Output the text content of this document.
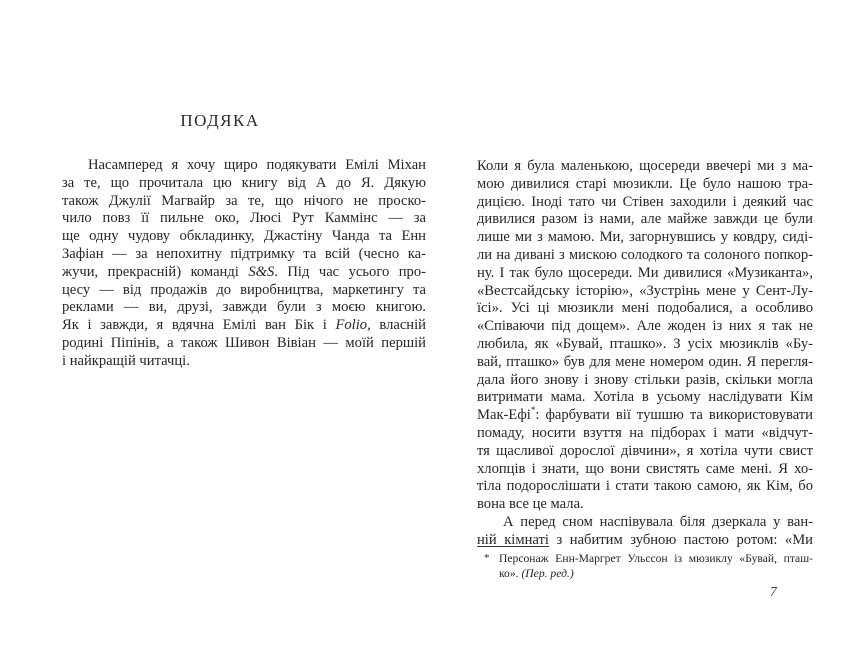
ПОДЯКА
Насамперед я хочу щиро подякувати Емілі Міхан
за те, що прочитала цю книгу від А до Я. Дякую
також Джулії Магвайр за те, що нічого не проско-
чило повз її пильне око, Люсі Рут Каммінс — за
ще одну чудову обкладинку, Джастіну Чанда та Енн
Зафіан — за непохитну підтримку та всій (чесно ка-
жучи, прекрасній) команді S&S. Під час усього про-
цесу — від продажів до виробництва, маркетингу та
реклами — ви, друзі, завжди були з моєю книгою.
Як і завжди, я вдячна Емілі ван Бік і Folio, власній
родині Піпінів, а також Шивон Вівіан — моїй першій
і найкращій читачці.
Коли я була маленькою, щосереди ввечері ми з ма-
мою дивилися старі мюзикли. Це було нашою тра-
дицією. Іноді тато чи Стівен заходили і деякий час
дивилися разом із нами, але майже завжди це були
лише ми з мамою. Ми, загорнувшись у ковдру, сиді-
ли на дивані з мискою солодкого та солоного попкор-
ну. І так було щосереди. Ми дивилися «Музиканта»,
«Вестсайдську історію», «Зустрінь мене у Сент-Лу-
їсі». Усі ці мюзикли мені подобалися, а особливо
«Співаючи під дощем». Але жоден із них я так не
любила, як «Бувай, пташко». З усіх мюзиклів «Бу-
вай, пташко» був для мене номером один. Я перегля-
дала його знову і знову стільки разів, скільки могла
витримати мама. Хотіла в усьому наслідувати Кім
Мак-Ефі*: фарбувати вії тушшю та використовувати
помаду, носити взуття на підборах і мати «відчут-
тя щасливої дорослої дівчини», я хотіла чути свист
хлопців і знати, що вони свистять саме мені. Я хо-
тіла подорослішати і стати такою самою, як Кім, бо
вона все це мала.
А перед сном наспівувала біля дзеркала у ван-
ній кімнаті з набитим зубною пастою ротом: «Ми
* Персонаж Енн-Маргрет Ульссон із мюзиклу «Бувай, пташ-
ко». (Пер. ред.)
7
